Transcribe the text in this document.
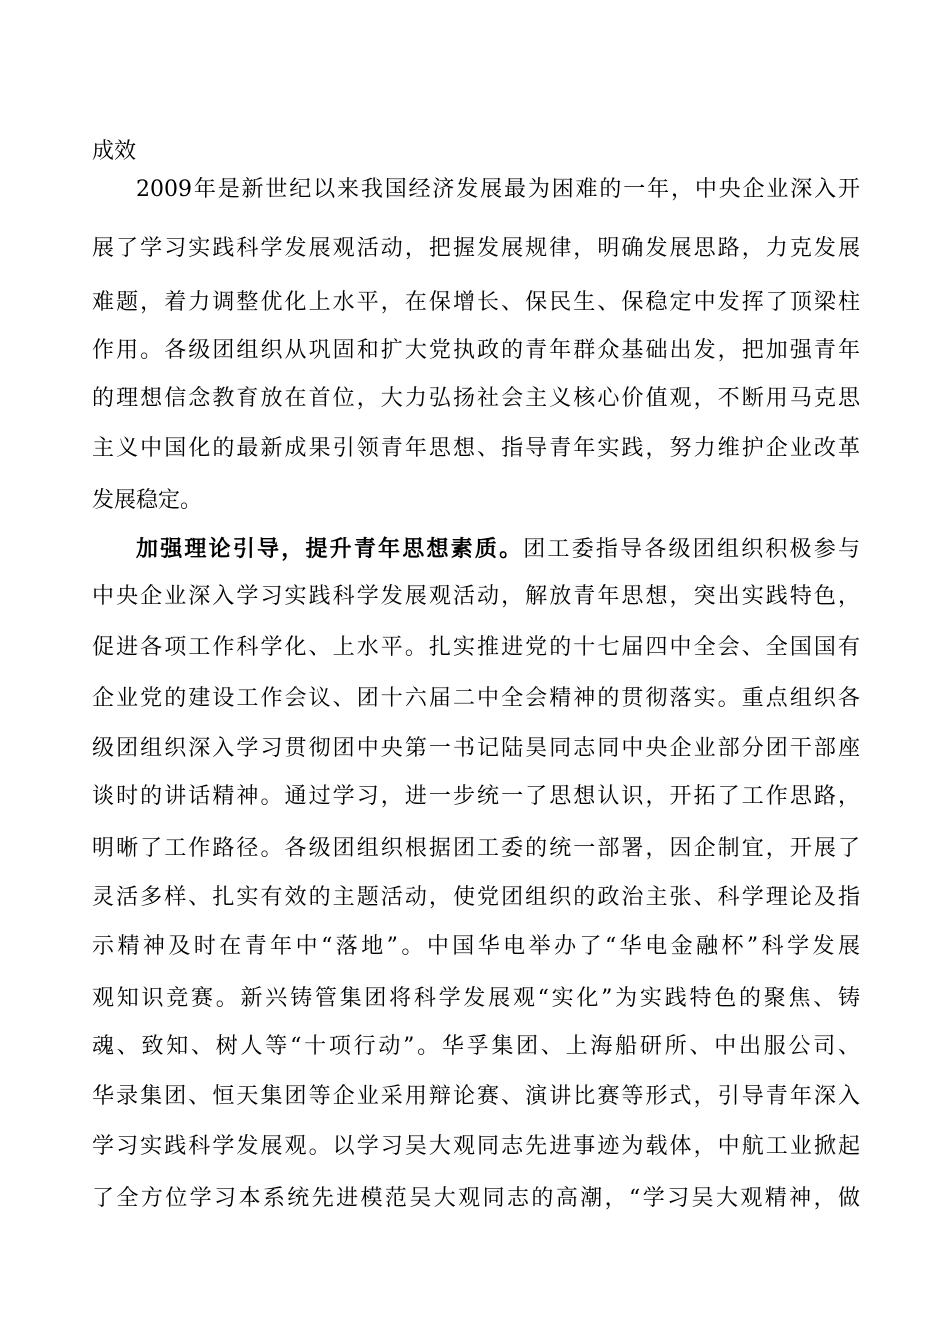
成效

2009年是新世纪以来我国经济发展最为困难的一年，中央企业深入开

展了学习实践科学发展观活动，把握发展规律，明确发展思路，力克发展

难题，着力调整优化上水平，在保增长、保民生、保稳定中发挥了顶梁柱

作用。各级团组织从巩固和扩大党执政的青年群众基础出发，把加强青年

的理想信念教育放在首位，大力弘扬社会主义核心价值观，不断用马克思

主义中国化的最新成果引领青年思想、指导青年实践，努力维护企业改革

发展稳定。

加强理论引导，提升青年思想素质。团工委指导各级团组织积极参与

中央企业深入学习实践科学发展观活动，解放青年思想，突出实践特色，

促进各项工作科学化、上水平。扎实推进党的十七届四中全会、全国国有

企业党的建设工作会议、团十六届二中全会精神的贯彻落实。重点组织各

级团组织深入学习贯彻团中央第一书记陆昊同志同中央企业部分团干部座

谈时的讲话精神。通过学习，进一步统一了思想认识，开拓了工作思路，

明晰了工作路径。各级团组织根据团工委的统一部署，因企制宜，开展了

灵活多样、扎实有效的主题活动，使党团组织的政治主张、科学理论及指

示精神及时在青年中“落地”。中国华电举办了“华电金融杯”科学发展

观知识竞赛。新兴铸管集团将科学发展观“实化”为实践特色的聚焦、铸

魂、致知、树人等“十项行动”。华孚集团、上海船研所、中出服公司、

华录集团、恒天集团等企业采用辩论赛、演讲比赛等形式，引导青年深入

学习实践科学发展观。以学习吴大观同志先进事迹为载体，中航工业掀起

了全方位学习本系统先进模范吴大观同志的高潮，“学习吴大观精神，做
